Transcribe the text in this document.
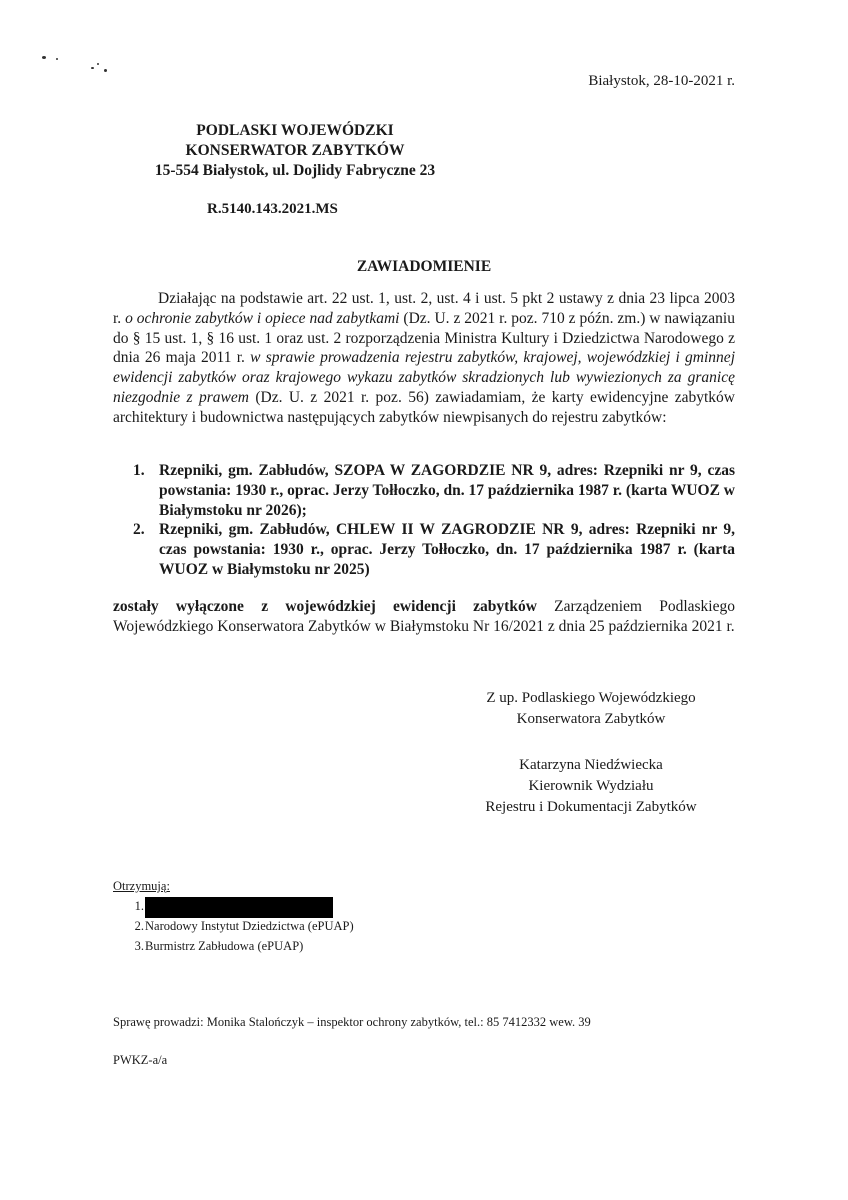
Białystok, 28-10-2021 r.
PODLASKI WOJEWÓDZKI
KONSERWATOR ZABYTKÓW
15-554 Białystok, ul. Dojlidy Fabryczne 23
R.5140.143.2021.MS
ZAWIADOMIENIE

Działając na podstawie art. 22 ust. 1, ust. 2, ust. 4 i ust. 5 pkt 2 ustawy z dnia 23 lipca 2003 r. o ochronie zabytków i opiece nad zabytkami (Dz. U. z 2021 r. poz. 710 z późn. zm.) w nawiązaniu do § 15 ust. 1, § 16 ust. 1 oraz ust. 2 rozporządzenia Ministra Kultury i Dziedzictwa Narodowego z dnia 26 maja 2011 r. w sprawie prowadzenia rejestru zabytków, krajowej, wojewódzkiej i gminnej ewidencji zabytków oraz krajowego wykazu zabytków skradzionych lub wywiezionych za granicę niezgodnie z prawem (Dz. U. z 2021 r. poz. 56) zawiadamiam, że karty ewidencyjne zabytków architektury i budownictwa następujących zabytków niewpisanych do rejestru zabytków:

1. Rzepniki, gm. Zabłudów, SZOPA W ZAGORDZIE NR 9, adres: Rzepniki nr 9, czas powstania: 1930 r., oprac. Jerzy Tołłoczko, dn. 17 października 1987 r. (karta WUOZ w Białymstoku nr 2026);
2. Rzepniki, gm. Zabłudów, CHLEW II W ZAGRODZIE NR 9, adres: Rzepniki nr 9, czas powstania: 1930 r., oprac. Jerzy Tołłoczko, dn. 17 października 1987 r. (karta WUOZ w Białymstoku nr 2025)
zostały wyłączone z wojewódzkiej ewidencji zabytków Zarządzeniem Podlaskiego Wojewódzkiego Konserwatora Zabytków w Białymstoku Nr 16/2021 z dnia 25 października 2021 r.
Z up. Podlaskiego Wojewódzkiego
Konserwatora Zabytków
Katarzyna Niedźwiecka
Kierownik Wydziału
Rejestru i Dokumentacji Zabytków
Otrzymują:
1.
2. Narodowy Instytut Dziedzictwa (ePUAP)
3. Burmistrz Zabłudowa (ePUAP)
Sprawę prowadzi: Monika Stalończyk – inspektor ochrony zabytków, tel.: 85 7412332 wew. 39
PWKZ-a/a
